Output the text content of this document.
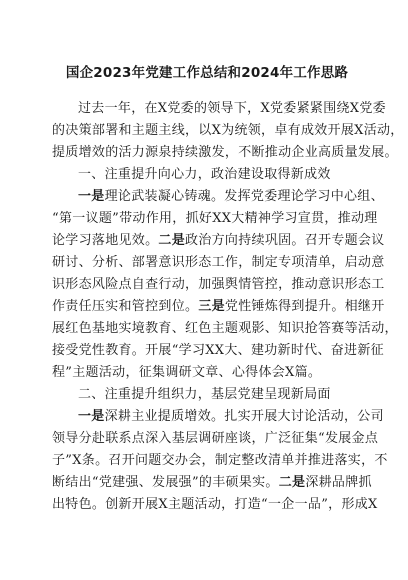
国企2023年党建工作总结和2024年工作思路
过去一年，在X党委的领导下，X党委紧紧围绕X党委
的决策部署和主题主线，以X为统领，卓有成效开展X活动，
提质增效的活力源泉持续激发，不断推动企业高质量发展。
一、注重提升向心力，政治建设取得新成效
一是理论武装凝心铸魂。发挥党委理论学习中心组、
“第一议题”带动作用，抓好XX大精神学习宣贯，推动理
论学习落地见效。二是政治方向持续巩固。召开专题会议
研讨、分析、部署意识形态工作，制定专项清单，启动意
识形态风险点自查行动，加强舆情管控，推动意识形态工
作责任压实和管控到位。三是党性锤炼得到提升。相继开
展红色基地实境教育、红色主题观影、知识抢答赛等活动，
接受党性教育。开展“学习XX大、建功新时代、奋进新征
程”主题活动，征集调研文章、心得体会X篇。
二、注重提升组织力，基层党建呈现新局面
一是深耕主业提质增效。扎实开展大讨论活动，公司
领导分赴联系点深入基层调研座谈，广泛征集“发展金点
子”X条。召开问题交办会，制定整改清单并推进落实，不
断结出“党建强、发展强”的丰硕果实。二是深耕品牌抓
出特色。创新开展X主题活动，打造“一企一品”，形成X
